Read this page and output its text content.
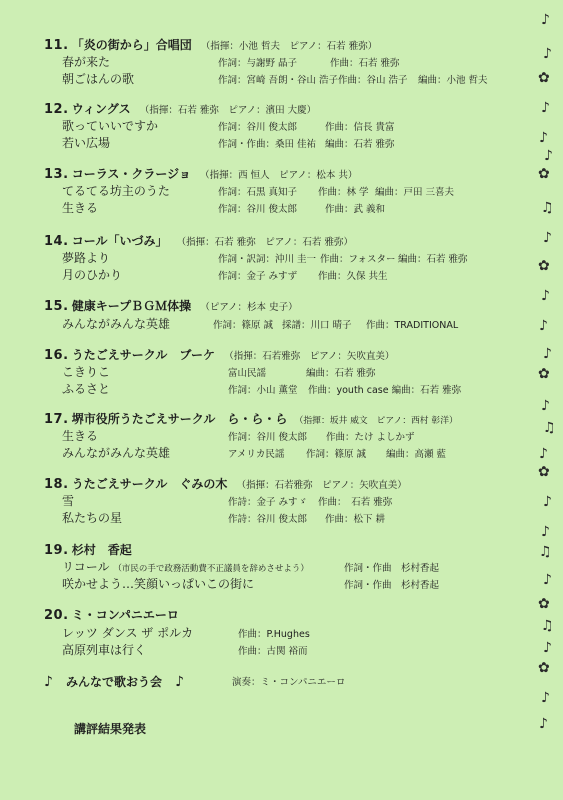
11. 「炎の街から」合唱団 （指揮：小池 哲夫　ピアノ：石若 雅弥）
春が来た	作詞：与謝野 晶子	作曲：石若 雅弥
朝ごはんの歌	作詞：宮崎 吾朗・谷山 浩子 作曲：谷山 浩子 編曲：小池 哲夫
12. ウィングス （指揮：石若 雅弥　ピアノ：濱田 大慶）
歌っていいですか	作詞：谷川 俊太郎	作曲：信長 貴富
若い広場	作詞・作曲：桑田 佳祐 編曲：石若 雅弥
13. コーラス・クラージョ （指揮：西 恒人　ピアノ：松本 共）
てるてる坊主のうた	作詞：石黒 真知子 作曲：林 学 編曲：戸田 三喜夫
生きる	作詞：谷川 俊太郎	作曲：武 義和
14. コール「いづみ」 （指揮：石若 雅弥　ピアノ：石若 雅弥）
夢路より	作詞・訳詞：沖川 圭一 作曲：フォスター 編曲：石若 雅弥
月のひかり	作詞：金子 みすず 作曲：久保 共生
15. 健康キープＢＧＭ体操 （ピアノ：杉本 史子）
みんながみんな英雄	作詞：篠原 誠 採譜：川口 晴子 作曲：TRADITIONAL
16. うたごえサークル　ブーケ （指揮：石若雅弥　ピアノ：矢吹直美）
こきりこ	富山民謡	編曲：石若 雅弥
ふるさと	作詞：小山 薫堂 作曲：youth case 編曲：石若 雅弥
17. 堺市役所うたごえサークル　ら・ら・ら （指揮：坂井 威文　ピアノ：西村 彰洋）
生きる	作詞：谷川 俊太郎 作曲：たけ よしかず
みんながみんな英雄	アメリカ民謡 作詞：篠原 誠 編曲：高瀬 藍
18. うたごえサークル　ぐみの木 （指揮：石若雅弥　ピアノ：矢吹直美）
雪	作詩：金子 みすゞ 作曲：　石若 雅弥
私たちの星	作詩：谷川 俊太郎 作曲：松下 耕
19. 杉村　香起
リコール （市民の手で政務活動費不正議員を辞めさせよう）	作詞・作曲　杉村香起
咲かせよう…笑顔いっぱいこの街に	作詞・作曲　杉村香起
20. ミ・コンパニエーロ
レッツ ダンス ザ ポルカ	作曲：P.Hughes
高原列車は行く	作曲：古関 裕而
♪ みんなで歌おう会 ♪	演奏：ミ・コンパニエーロ
講評結果発表
♪
♪
✿
♪
♪
♪
✿
♫
♪
✿
♪
♪
♪
✿
♪
♫
♪
✿
♪
♪
♫
♪
✿
♫
♪
✿
♪
♪
